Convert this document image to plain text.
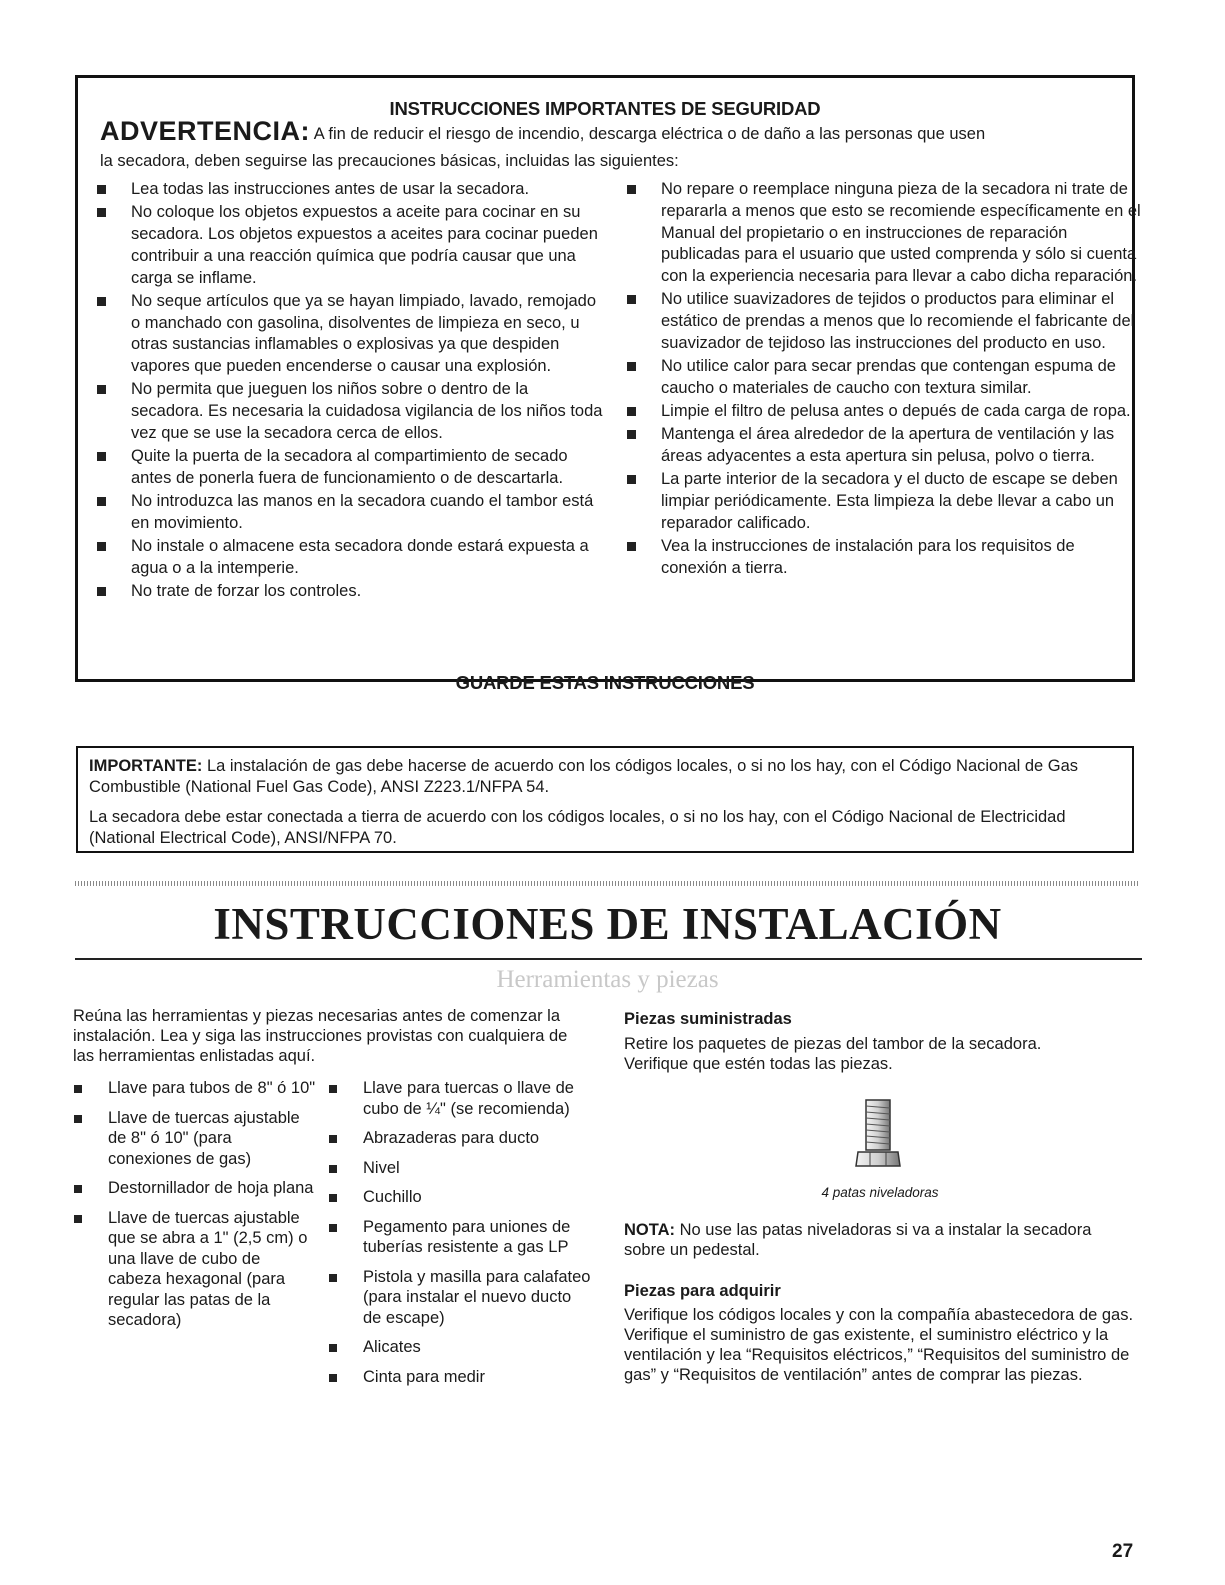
INSTRUCCIONES IMPORTANTES DE SEGURIDAD
ADVERTENCIA: A fin de reducir el riesgo de incendio, descarga eléctrica o de daño a las personas que usen
la secadora, deben seguirse las precauciones básicas, incluidas las siguientes:
Lea todas las instrucciones antes de usar la secadora.
No coloque los objetos expuestos a aceite para cocinar en su secadora. Los objetos expuestos a aceites para cocinar pueden contribuir a una reacción química que podría causar que una carga se inflame.
No seque artículos que ya se hayan limpiado, lavado, remojado o manchado con gasolina, disolventes de limpieza en seco, u otras sustancias inflamables o explosivas ya que despiden vapores que pueden encenderse o causar una explosión.
No permita que jueguen los niños sobre o dentro de la secadora. Es necesaria la cuidadosa vigilancia de los niños toda vez que se use la secadora cerca de ellos.
Quite la puerta de la secadora al compartimiento de secado antes de ponerla fuera de funcionamiento o de descartarla.
No introduzca las manos en la secadora cuando el tambor está en movimiento.
No instale o almacene esta secadora donde estará expuesta a agua o a la intemperie.
No trate de forzar los controles.
No repare o reemplace ninguna pieza de la secadora ni trate de repararla a menos que esto se recomiende específicamente en el Manual del propietario o en instrucciones de reparación publicadas para el usuario que usted comprenda y sólo si cuenta con la experiencia necesaria para llevar a cabo dicha reparación.
No utilice suavizadores de tejidos o productos para eliminar el estático de prendas a menos que lo recomiende el fabricante del suavizador de tejidoso las instrucciones del producto en uso.
No utilice calor para secar prendas que contengan espuma de caucho o materiales de caucho con textura similar.
Limpie el filtro de pelusa antes o depués de cada carga de ropa.
Mantenga el área alrededor de la apertura de ventilación y las áreas adyacentes a esta apertura sin pelusa, polvo o tierra.
La parte interior de la secadora y el ducto de escape se deben limpiar periódicamente. Esta limpieza la debe llevar a cabo un reparador calificado.
Vea la instrucciones de instalación para los requisitos de conexión a tierra.
GUARDE ESTAS INSTRUCCIONES

IMPORTANTE: La instalación de gas debe hacerse de acuerdo con los códigos locales, o si no los hay, con el Código Nacional de Gas Combustible (National Fuel Gas Code), ANSI Z223.1/NFPA 54.

La secadora debe estar conectada a tierra de acuerdo con los códigos locales, o si no los hay, con el Código Nacional de Electricidad (National Electrical Code), ANSI/NFPA 70.

INSTRUCCIONES DE INSTALACIÓN
Herramientas y piezas
Reúna las herramientas y piezas necesarias antes de comenzar la instalación. Lea y siga las instrucciones provistas con cualquiera de las herramientas enlistadas aquí.
Llave para tubos de 8" ó 10"
Llave de tuercas ajustable de 8" ó 10" (para conexiones de gas)
Destornillador de hoja plana
Llave de tuercas ajustable que se abra a 1" (2,5 cm) o una llave de cubo de cabeza hexagonal (para regular las patas de la secadora)
Llave para tuercas o llave de cubo de ¼" (se recomienda)
Abrazaderas para ducto
Nivel
Cuchillo
Pegamento para uniones de tuberías resistente a gas LP
Pistola y masilla para calafateo (para instalar el nuevo ducto de escape)
Alicates
Cinta para medir
Piezas suministradas
Retire los paquetes de piezas del tambor de la secadora. Verifique que estén todas las piezas.
4 patas niveladoras
NOTA: No use las patas niveladoras si va a instalar la secadora sobre un pedestal.
Piezas para adquirir
Verifique los códigos locales y con la compañía abastecedora de gas. Verifique el suministro de gas existente, el suministro eléctrico y la ventilación y lea “Requisitos eléctricos,” “Requisitos del suministro de gas” y “Requisitos de ventilación” antes de comprar las piezas.
27
